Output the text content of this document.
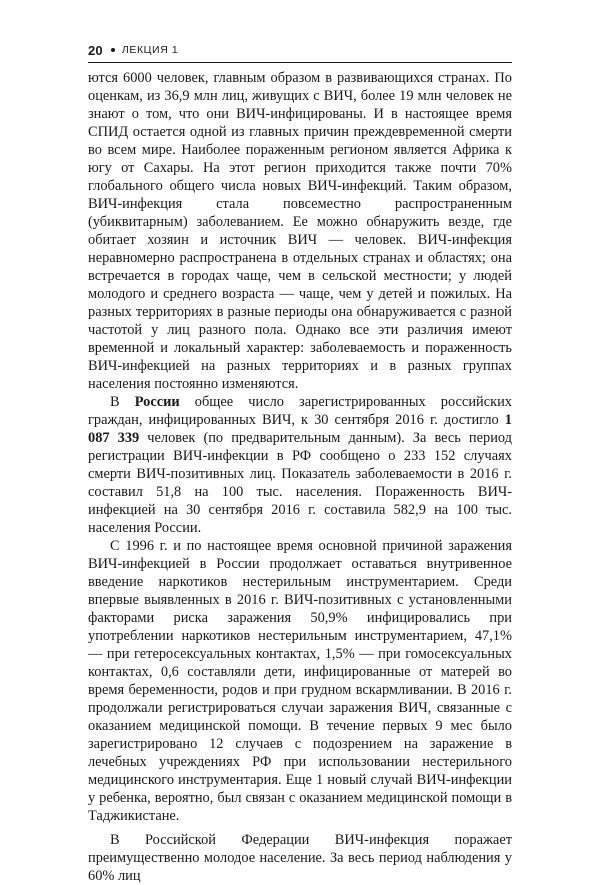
20 ЛЕКЦИЯ 1

ются 6000 человек, главным образом в развивающихся странах. По оценкам, из 36,9 млн лиц, живущих с ВИЧ, более 19 млн человек не знают о том, что они ВИЧ-инфицированы. И в настоящее время СПИД остается одной из главных причин преждевременной смерти во всем мире. Наиболее пораженным регионом является Африка к югу от Сахары. На этот регион приходится также почти 70% глобального общего числа новых ВИЧ-инфекций. Таким образом, ВИЧ-инфекция стала повсеместно распространенным (убиквитарным) заболеванием. Ее можно обнаружить везде, где обитает хозяин и источник ВИЧ — человек. ВИЧ-инфекция неравномерно распространена в отдельных странах и областях; она встречается в городах чаще, чем в сельской местности; у людей молодого и среднего возраста — чаще, чем у детей и пожилых. На разных территориях в разные периоды она обнаруживается с разной частотой у лиц разного пола. Однако все эти различия имеют временной и локальный характер: заболеваемость и пораженность ВИЧ-инфекцией на разных территориях и в разных группах населения постоянно изменяются.

В России общее число зарегистрированных российских граждан, инфицированных ВИЧ, к 30 сентября 2016 г. достигло 1 087 339 человек (по предварительным данным). За весь период регистрации ВИЧ-инфекции в РФ сообщено о 233 152 случаях смерти ВИЧ-позитивных лиц. Показатель заболеваемости в 2016 г. составил 51,8 на 100 тыс. населения. Пораженность ВИЧ-инфекцией на 30 сентября 2016 г. составила 582,9 на 100 тыс. населения России.

С 1996 г. и по настоящее время основной причиной заражения ВИЧ-инфекцией в России продолжает оставаться внутривенное введение наркотиков нестерильным инструментарием. Среди впервые выявленных в 2016 г. ВИЧ-позитивных с установленными факторами риска заражения 50,9% инфицировались при употреблении наркотиков нестерильным инструментарием, 47,1% — при гетеросексуальных контактах, 1,5% — при гомосексуальных контактах, 0,6 составляли дети, инфицированные от матерей во время беременности, родов и при грудном вскармливании. В 2016 г. продолжали регистрироваться случаи заражения ВИЧ, связанные с оказанием медицинской помощи. В течение первых 9 мес было зарегистрировано 12 случаев с подозрением на заражение в лечебных учреждениях РФ при использовании нестерильного медицинского инструментария. Еще 1 новый случай ВИЧ-инфекции у ребенка, вероятно, был связан с оказанием медицинской помощи в Таджикистане.

В Российской Федерации ВИЧ-инфекция поражает преимущественно молодое население. За весь период наблюдения у 60% лиц
